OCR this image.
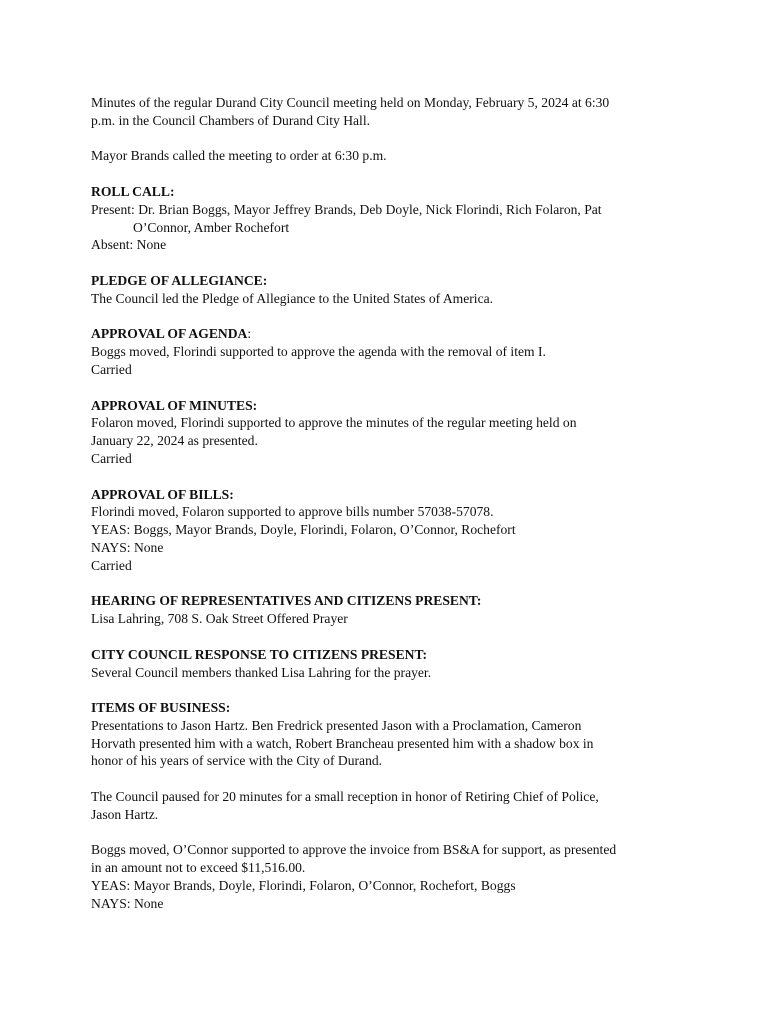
Minutes of the regular Durand City Council meeting held on Monday, February 5, 2024 at 6:30
p.m. in the Council Chambers of Durand City Hall.
Mayor Brands called the meeting to order at 6:30 p.m.
ROLL CALL:
Present: Dr. Brian Boggs, Mayor Jeffrey Brands, Deb Doyle, Nick Florindi, Rich Folaron, Pat
O’Connor, Amber Rochefort
Absent: None
PLEDGE OF ALLEGIANCE:
The Council led the Pledge of Allegiance to the United States of America.
APPROVAL OF AGENDA:
Boggs moved, Florindi supported to approve the agenda with the removal of item I.
Carried
APPROVAL OF MINUTES:
Folaron moved, Florindi supported to approve the minutes of the regular meeting held on
January 22, 2024 as presented.
Carried
APPROVAL OF BILLS:
Florindi moved, Folaron supported to approve bills number 57038-57078.
YEAS: Boggs, Mayor Brands, Doyle, Florindi, Folaron, O’Connor, Rochefort
NAYS: None
Carried
HEARING OF REPRESENTATIVES AND CITIZENS PRESENT:
Lisa Lahring, 708 S. Oak Street Offered Prayer
CITY COUNCIL RESPONSE TO CITIZENS PRESENT:
Several Council members thanked Lisa Lahring for the prayer.
ITEMS OF BUSINESS:
Presentations to Jason Hartz. Ben Fredrick presented Jason with a Proclamation, Cameron
Horvath presented him with a watch, Robert Brancheau presented him with a shadow box in
honor of his years of service with the City of Durand.
The Council paused for 20 minutes for a small reception in honor of Retiring Chief of Police,
Jason Hartz.
Boggs moved, O’Connor supported to approve the invoice from BS&A for support, as presented
in an amount not to exceed $11,516.00.
YEAS: Mayor Brands, Doyle, Florindi, Folaron, O’Connor, Rochefort, Boggs
NAYS: None
